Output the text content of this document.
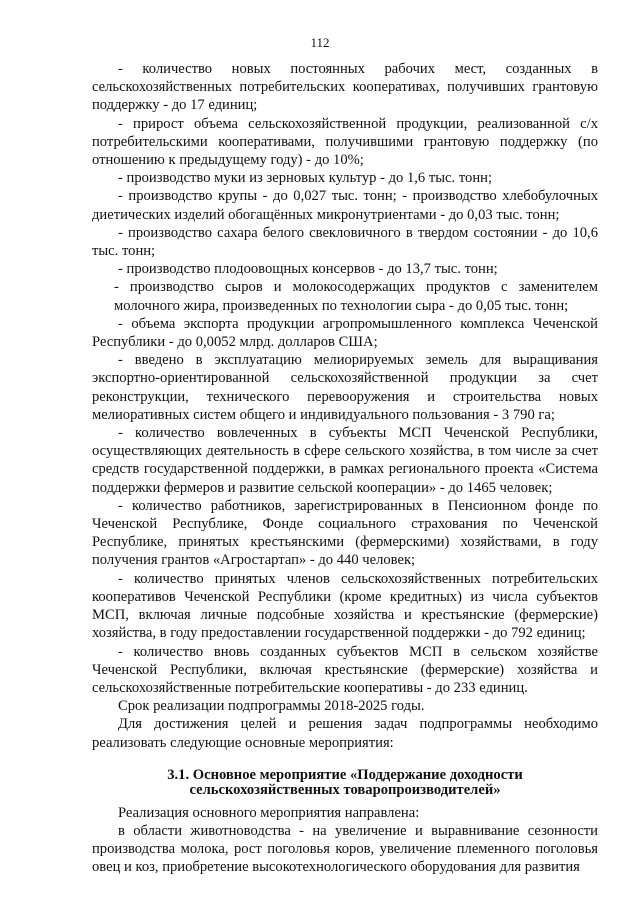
112

- количество новых постоянных рабочих мест, созданных в сельскохозяйственных потребительских кооперативах, получивших грантовую поддержку - до 17 единиц;

- прирост объема сельскохозяйственной продукции, реализованной с/х потребительскими кооперативами, получившими грантовую поддержку (по отношению к предыдущему году) - до 10%;

- производство муки из зерновых культур - до 1,6 тыс. тонн;

- производство крупы - до 0,027 тыс. тонн; - производство хлебобулочных диетических изделий обогащённых микронутриентами - до 0,03 тыс. тонн;

- производство сахара белого свекловичного в твердом состоянии - до 10,6 тыс. тонн;

- производство плодоовощных консервов - до 13,7 тыс. тонн;

- производство сыров и молокосодержащих продуктов с заменителем молочного жира, произведенных по технологии сыра - до 0,05 тыс. тонн;

- объема экспорта продукции агропромышленного комплекса Чеченской Республики - до 0,0052 млрд. долларов США;

- введено в эксплуатацию мелиорируемых земель для выращивания экспортно-ориентированной сельскохозяйственной продукции за счет реконструкции, технического перевооружения и строительства новых мелиоративных систем общего и индивидуального пользования - 3 790 га;

- количество вовлеченных в субъекты МСП Чеченской Республики, осуществляющих деятельность в сфере сельского хозяйства, в том числе за счет средств государственной поддержки, в рамках регионального проекта «Система поддержки фермеров и развитие сельской кооперации» - до 1465 человек;

- количество работников, зарегистрированных в Пенсионном фонде по Чеченской Республике, Фонде социального страхования по Чеченской Республике, принятых крестьянскими (фермерскими) хозяйствами, в году получения грантов «Агростартап» - до 440 человек;

- количество принятых членов сельскохозяйственных потребительских кооперативов Чеченской Республики (кроме кредитных) из числа субъектов МСП, включая личные подсобные хозяйства и крестьянские (фермерские) хозяйства, в году предоставлении государственной поддержки - до 792 единиц;

- количество вновь созданных субъектов МСП в сельском хозяйстве Чеченской Республики, включая крестьянские (фермерские) хозяйства и сельскохозяйственные потребительские кооперативы - до 233 единиц.

Срок реализации подпрограммы 2018-2025 годы.

Для достижения целей и решения задач подпрограммы необходимо реализовать следующие основные мероприятия:

3.1. Основное мероприятие «Поддержание доходности
сельскохозяйственных товаропроизводителей»

Реализация основного мероприятия направлена:

в области животноводства - на увеличение и выравнивание сезонности производства молока, рост поголовья коров, увеличение племенного поголовья овец и коз, приобретение высокотехнологического оборудования для развития
